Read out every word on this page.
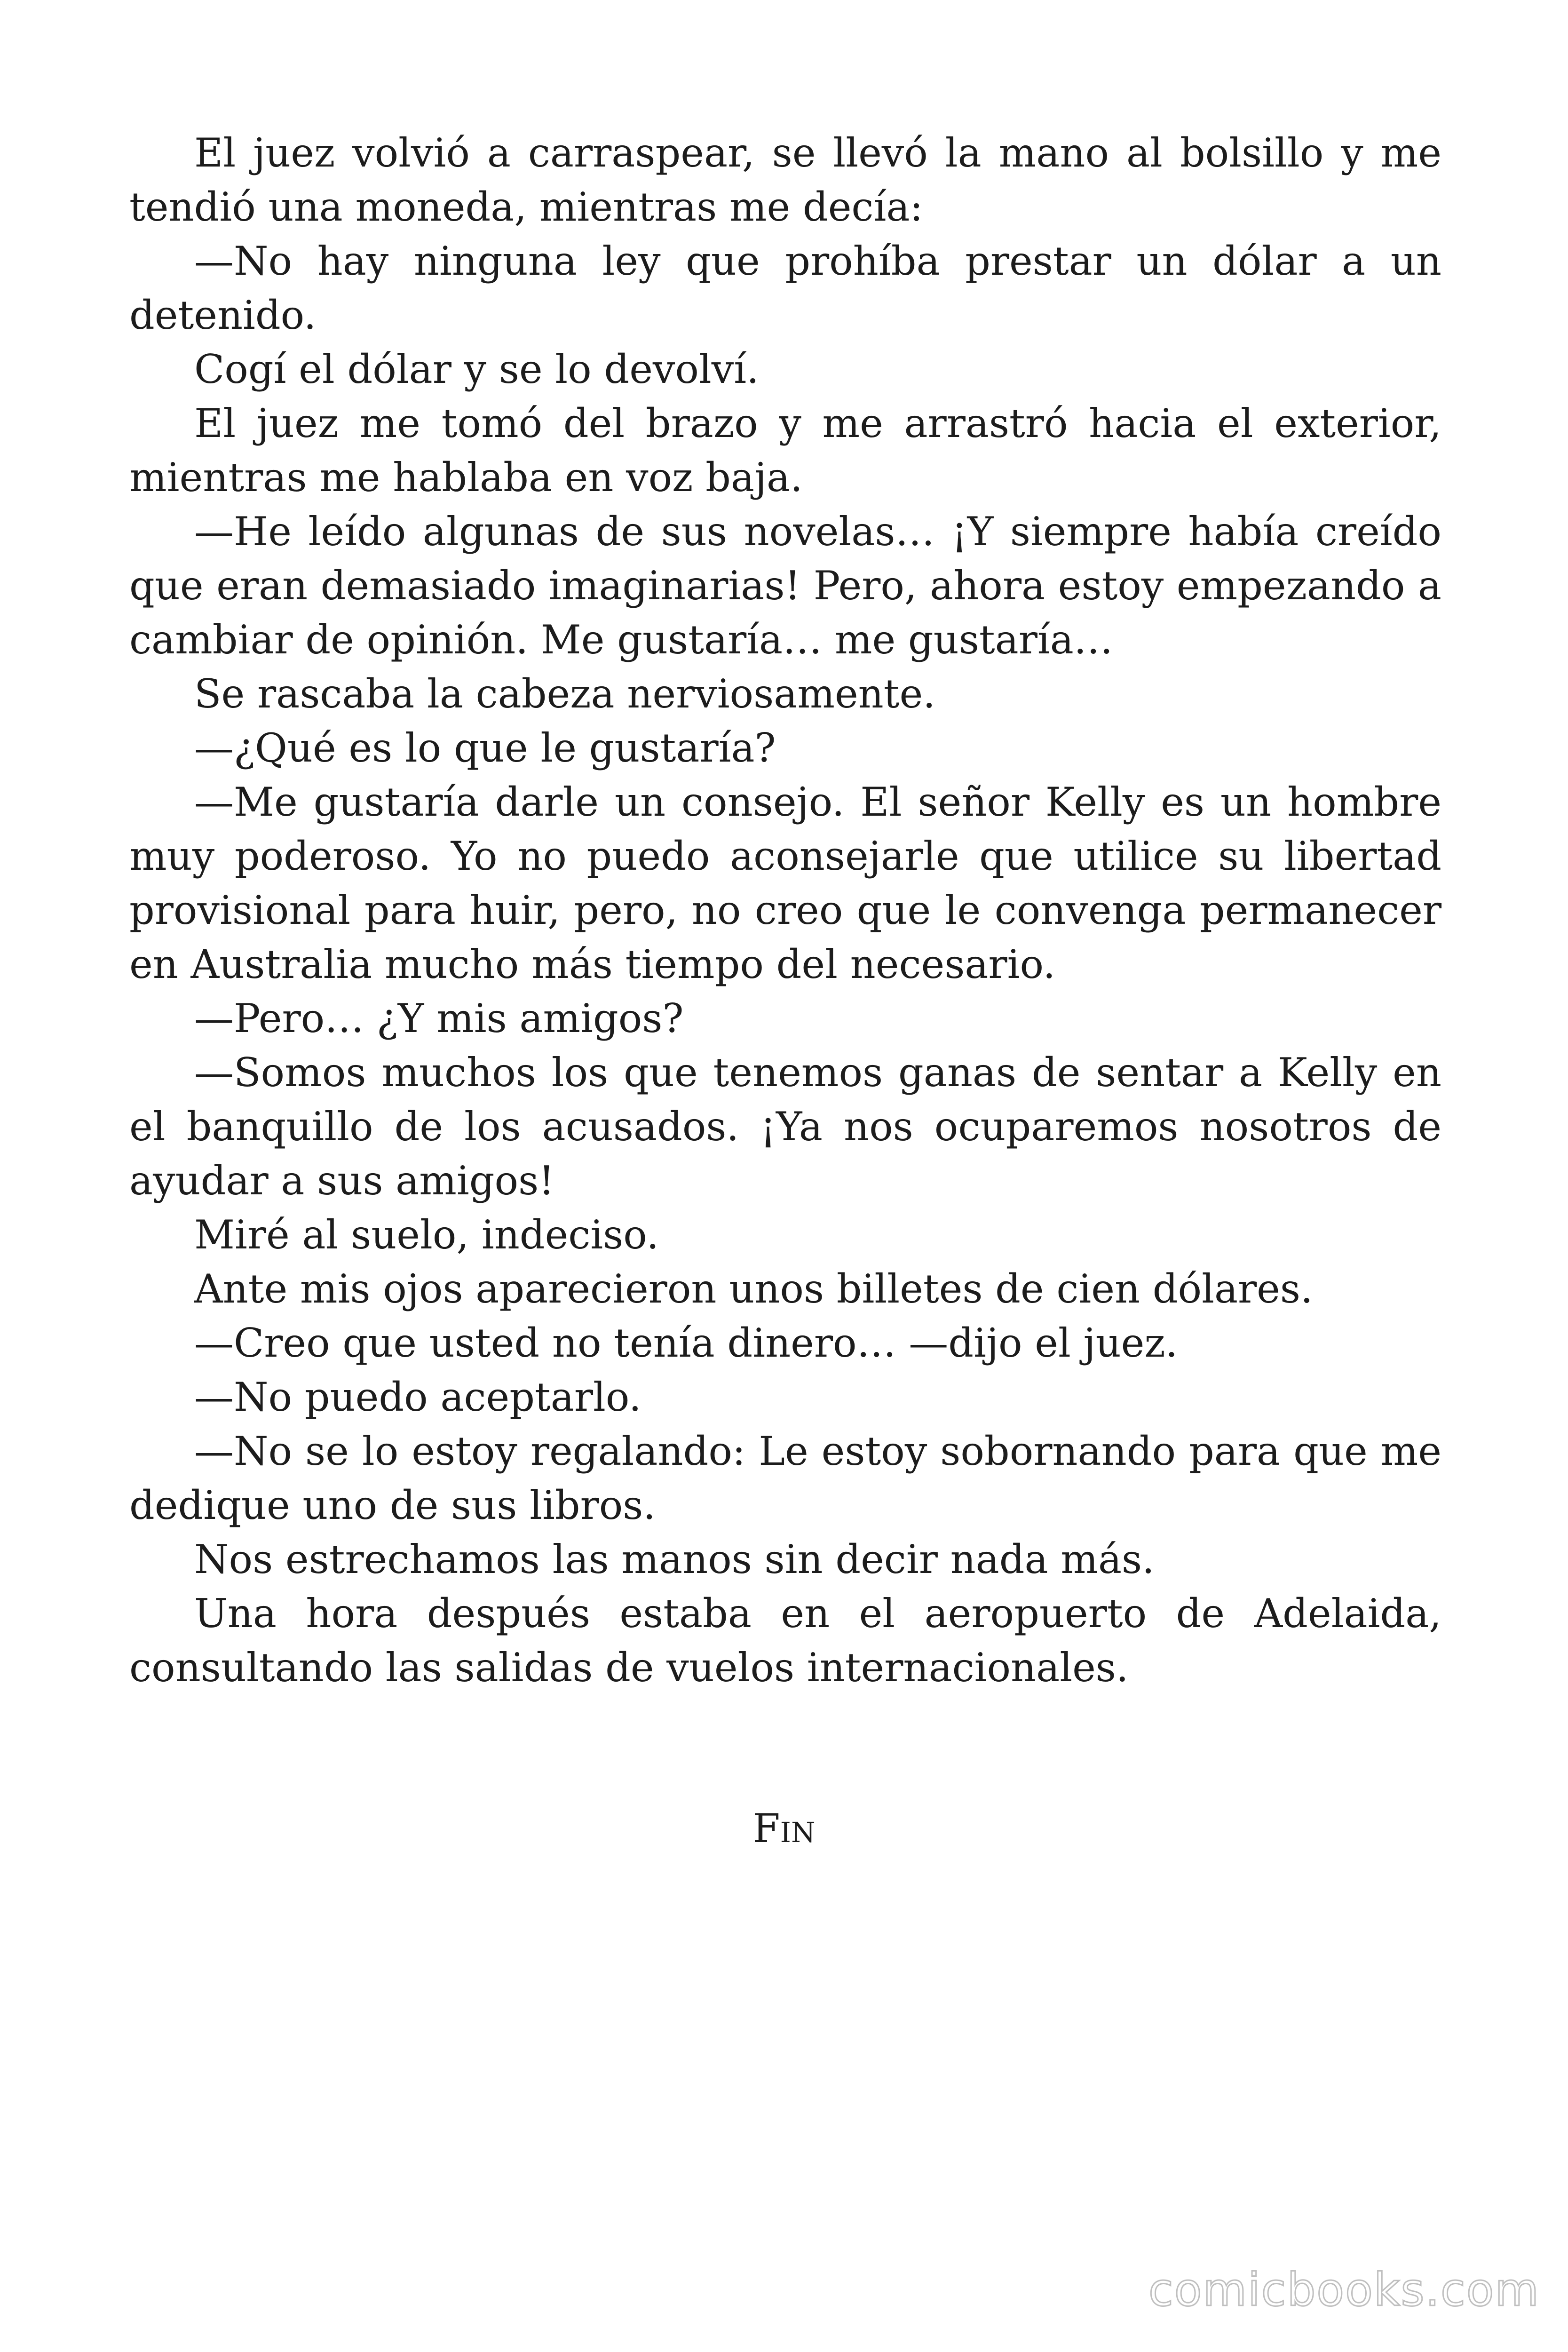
El juez volvió a carraspear, se llevó la mano al bolsillo y me tendió una moneda, mientras me decía:

—No hay ninguna ley que prohíba prestar un dólar a un detenido.

Cogí el dólar y se lo devolví.

El juez me tomó del brazo y me arrastró hacia el exterior, mientras me hablaba en voz baja.

—He leído algunas de sus novelas… ¡Y siempre había creído que eran demasiado imaginarias! Pero, ahora estoy empezando a cambiar de opinión. Me gustaría… me gustaría…

Se rascaba la cabeza nerviosamente.

—¿Qué es lo que le gustaría?

—Me gustaría darle un consejo. El señor Kelly es un hombre muy poderoso. Yo no puedo aconsejarle que utilice su libertad provisional para huir, pero, no creo que le convenga permanecer en Australia mucho más tiempo del necesario.

—Pero… ¿Y mis amigos?

—Somos muchos los que tenemos ganas de sentar a Kelly en el banquillo de los acusados. ¡Ya nos ocuparemos nosotros de ayudar a sus amigos!

Miré al suelo, indeciso.

Ante mis ojos aparecieron unos billetes de cien dólares.

—Creo que usted no tenía dinero… —dijo el juez.

—No puedo aceptarlo.

—No se lo estoy regalando: Le estoy sobornando para que me dedique uno de sus libros.

Nos estrechamos las manos sin decir nada más.

Una hora después estaba en el aeropuerto de Adelaida, consultando las salidas de vuelos internacionales.

Fin
comicbooks.com
